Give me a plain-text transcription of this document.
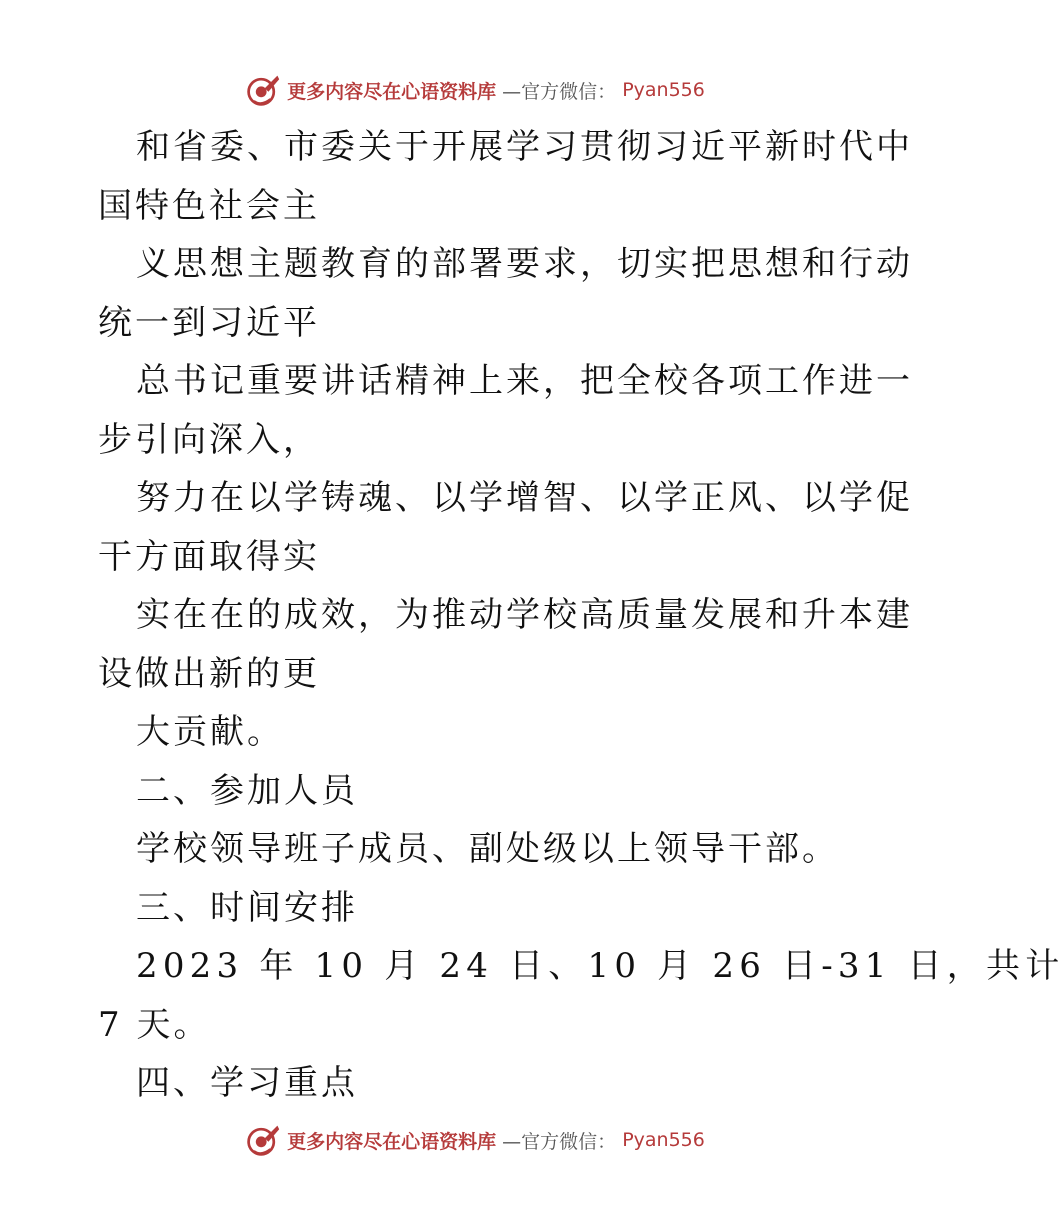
更多内容尽在心语资料库 —官方微信： Pyan556
和省委、市委关于开展学习贯彻习近平新时代中
国特色社会主
义思想主题教育的部署要求，切实把思想和行动
统一到习近平
总书记重要讲话精神上来，把全校各项工作进一
步引向深入，
努力在以学铸魂、以学增智、以学正风、以学促
干方面取得实
实在在的成效，为推动学校高质量发展和升本建
设做出新的更
大贡献。
二、参加人员
学校领导班子成员、副处级以上领导干部。
三、时间安排
2023 年 10 月 24 日、10 月 26 日-31 日，共计
7 天。
四、学习重点
更多内容尽在心语资料库 —官方微信： Pyan556
